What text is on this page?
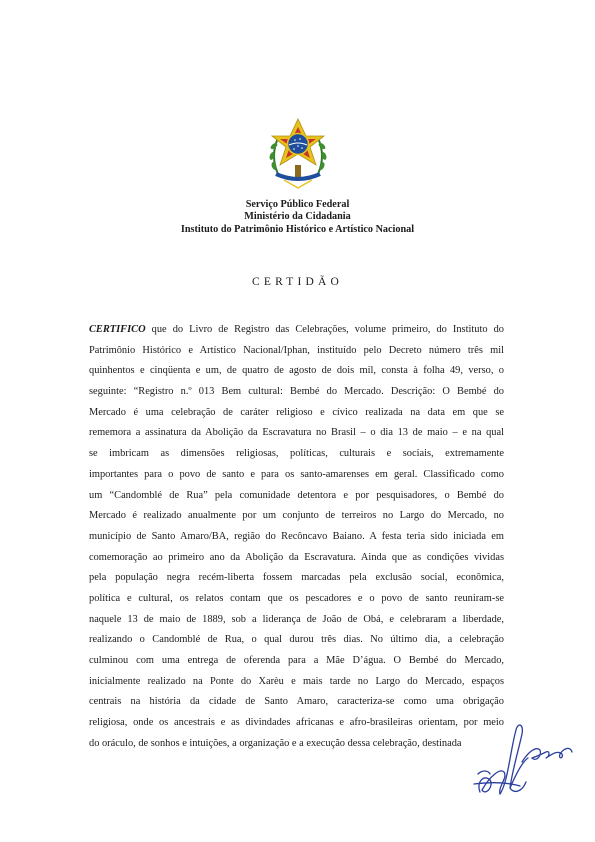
Serviço Público Federal
Ministério da Cidadania
Instituto do Patrimônio Histórico e Artístico Nacional
CERTIDÃO
CERTIFICO que do Livro de Registro das Celebrações, volume primeiro, do Instituto do
Patrimônio Histórico e Artístico Nacional/Iphan, instituído pelo Decreto número três mil
quinhentos e cinqüenta e um, de quatro de agosto de dois mil, consta à folha 49, verso, o
seguinte: “Registro n.º 013 Bem cultural: Bembé do Mercado. Descrição: O Bembé do
Mercado é uma celebração de caráter religioso e cívico realizada na data em que se
rememora a assinatura da Abolição da Escravatura no Brasil – o dia 13 de maio – e na qual
se imbricam as dimensões religiosas, políticas, culturais e sociais, extremamente
importantes para o povo de santo e para os santo-amarenses em geral. Classificado como
um “Candomblé de Rua” pela comunidade detentora e por pesquisadores, o Bembé do
Mercado é realizado anualmente por um conjunto de terreiros no Largo do Mercado, no
município de Santo Amaro/BA, região do Recôncavo Baiano. A festa teria sido iniciada em
comemoração ao primeiro ano da Abolição da Escravatura. Ainda que as condições vividas
pela população negra recém-liberta fossem marcadas pela exclusão social, econômica,
política e cultural, os relatos contam que os pescadores e o povo de santo reuniram-se
naquele 13 de maio de 1889, sob a liderança de João de Obá, e celebraram a liberdade,
realizando o Candomblé de Rua, o qual durou três dias. No último dia, a celebração
culminou com uma entrega de oferenda para a Mãe D’água. O Bembé do Mercado,
inicialmente realizado na Ponte do Xarèu e mais tarde no Largo do Mercado, espaços
centrais na história da cidade de Santo Amaro, caracteriza-se como uma obrigação
religiosa, onde os ancestrais e as divindades africanas e afro-brasileiras orientam, por meio
do oráculo, de sonhos e intuições, a organização e a execução dessa celebração, destinada
